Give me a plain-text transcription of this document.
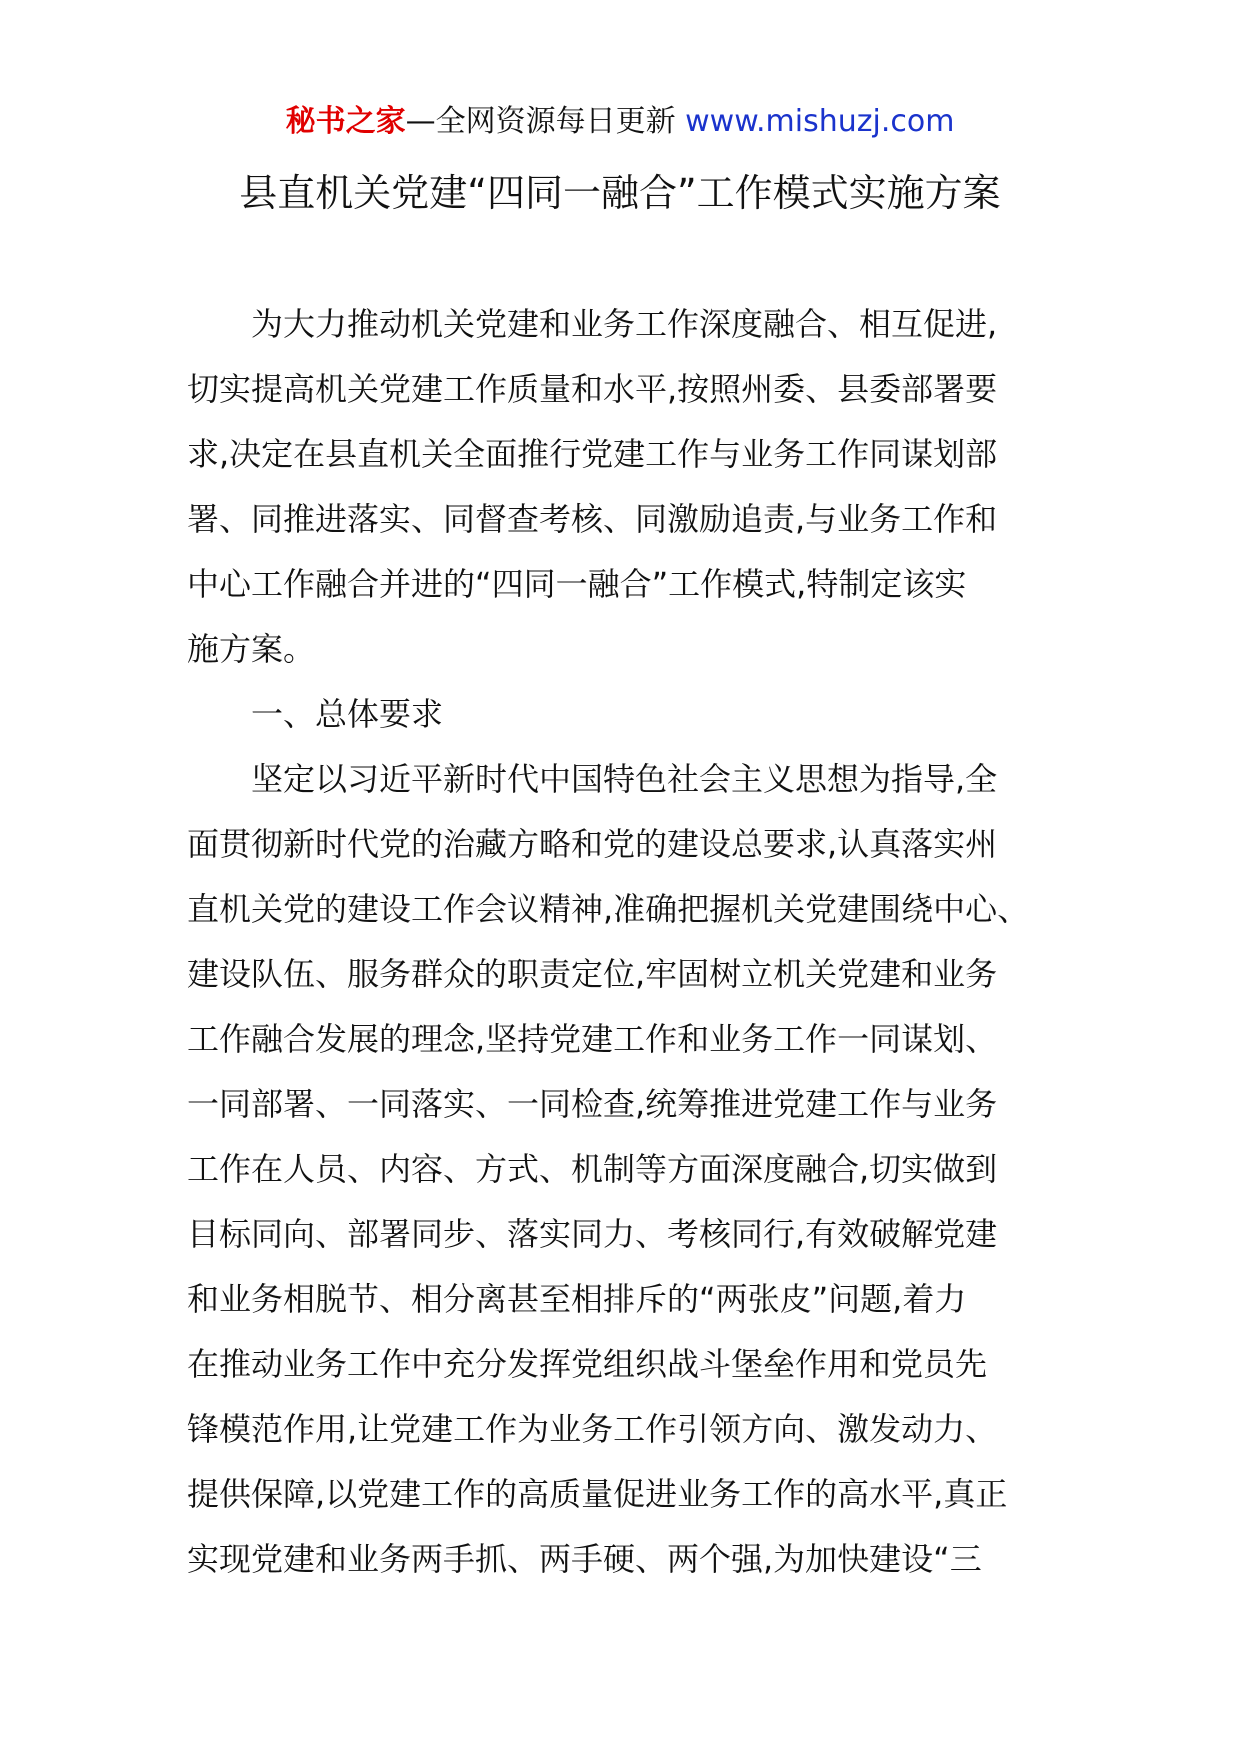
秘书之家—全网资源每日更新 www.mishuzj.com
县直机关党建“四同一融合”工作模式实施方案
为大力推动机关党建和业务工作深度融合、相互促进,
切实提高机关党建工作质量和水平,按照州委、县委部署要
求,决定在县直机关全面推行党建工作与业务工作同谋划部
署、同推进落实、同督查考核、同激励追责,与业务工作和
中心工作融合并进的“四同一融合”工作模式,特制定该实
施方案。
一、总体要求
坚定以习近平新时代中国特色社会主义思想为指导,全
面贯彻新时代党的治藏方略和党的建设总要求,认真落实州
直机关党的建设工作会议精神,准确把握机关党建围绕中心、
建设队伍、服务群众的职责定位,牢固树立机关党建和业务
工作融合发展的理念,坚持党建工作和业务工作一同谋划、
一同部署、一同落实、一同检查,统筹推进党建工作与业务
工作在人员、内容、方式、机制等方面深度融合,切实做到
目标同向、部署同步、落实同力、考核同行,有效破解党建
和业务相脱节、相分离甚至相排斥的“两张皮”问题,着力
在推动业务工作中充分发挥党组织战斗堡垒作用和党员先
锋模范作用,让党建工作为业务工作引领方向、激发动力、
提供保障,以党建工作的高质量促进业务工作的高水平,真正
实现党建和业务两手抓、两手硬、两个强,为加快建设“三
